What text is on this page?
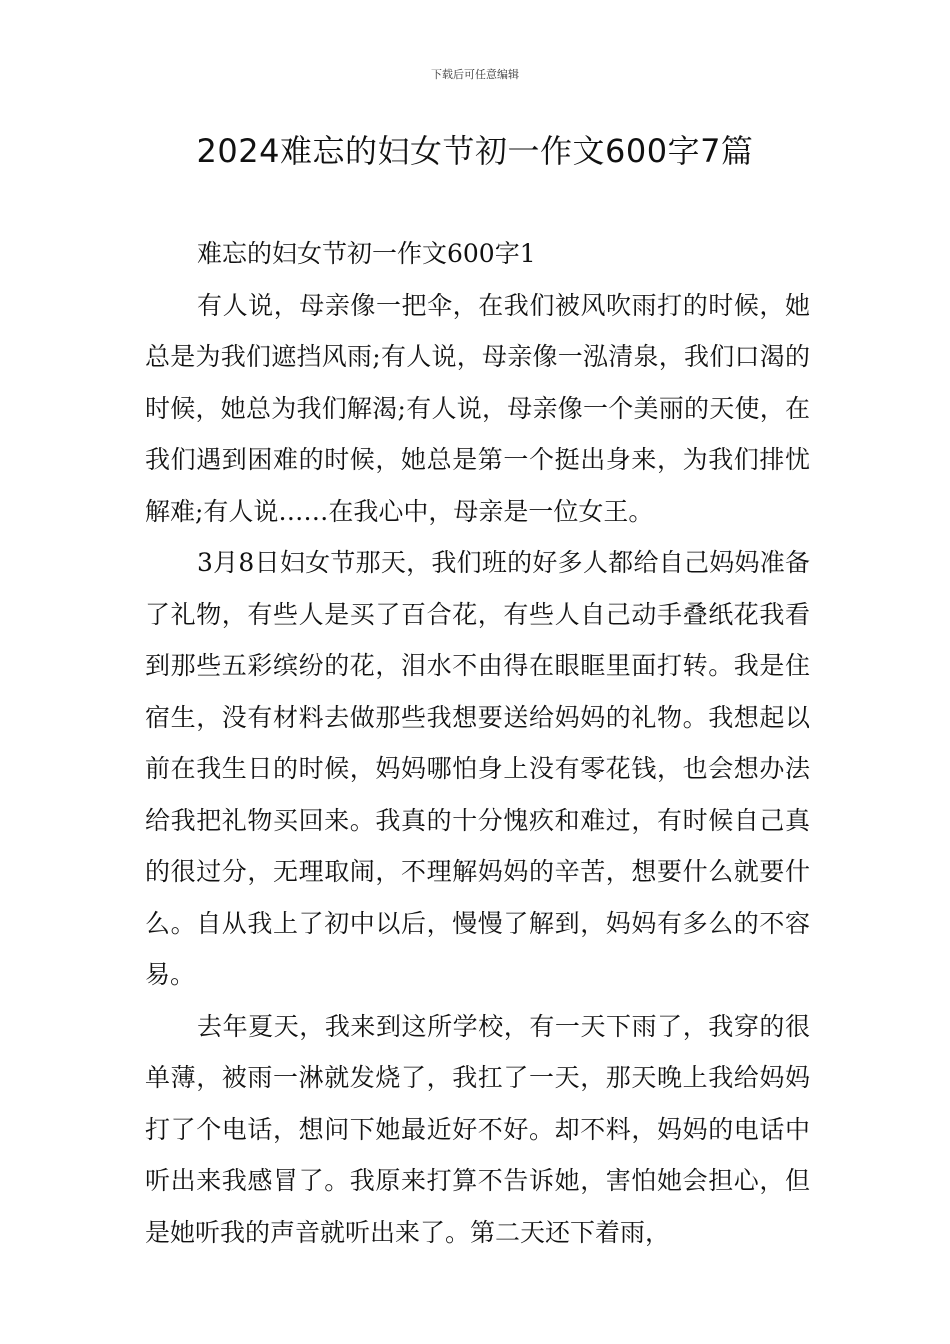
下载后可任意编辑
2024难忘的妇女节初一作文600字7篇

难忘的妇女节初一作文600字1

有人说，母亲像一把伞，在我们被风吹雨打的时候，她总是为我们遮挡风雨;有人说，母亲像一泓清泉，我们口渴的时候，她总为我们解渴;有人说，母亲像一个美丽的天使，在我们遇到困难的时候，她总是第一个挺出身来，为我们排忧解难;有人说……在我心中，母亲是一位女王。

3月8日妇女节那天，我们班的好多人都给自己妈妈准备了礼物，有些人是买了百合花，有些人自己动手叠纸花我看到那些五彩缤纷的花，泪水不由得在眼眶里面打转。我是住宿生，没有材料去做那些我想要送给妈妈的礼物。我想起以前在我生日的时候，妈妈哪怕身上没有零花钱，也会想办法给我把礼物买回来。我真的十分愧疚和难过，有时候自己真的很过分，无理取闹，不理解妈妈的辛苦，想要什么就要什么。自从我上了初中以后，慢慢了解到，妈妈有多么的不容易。

去年夏天，我来到这所学校，有一天下雨了，我穿的很单薄，被雨一淋就发烧了，我扛了一天，那天晚上我给妈妈打了个电话，想问下她最近好不好。却不料，妈妈的电话中听出来我感冒了。我原来打算不告诉她，害怕她会担心，但是她听我的声音就听出来了。第二天还下着雨，
